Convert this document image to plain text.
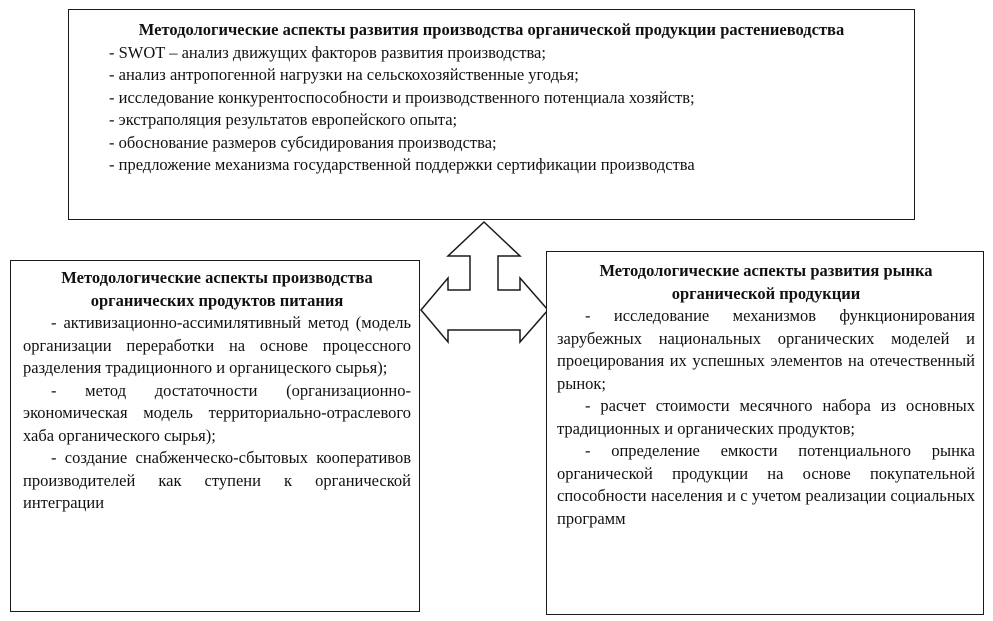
Методологические аспекты развития производства органической продукции растениеводства
- SWOT – анализ движущих факторов развития производства;
- анализ антропогенной нагрузки на сельскохозяйственные угодья;
- исследование конкурентоспособности и производственного потенциала хозяйств;
- экстраполяция результатов европейского опыта;
- обоснование размеров субсидирования производства;
- предложение механизма государственной поддержки сертификации производства
Методологические аспекты производства органических продуктов питания
- активизационно-ассимилятивный метод (модель организации переработки на основе процессного разделения традиционного и органицеского сырья);
- метод достаточности (организационно-экономическая модель территориально-отраслевого хаба органического сырья);
- создание снабженческо-сбытовых кооперативов производителей как ступени к органической интеграции
Методологические аспекты развития рынка органической продукции
- исследование механизмов функционирования зарубежных национальных органических моделей и проецирования их успешных элементов на отечественный рынок;
- расчет стоимости месячного набора из основных традиционных и органических продуктов;
- определение емкости потенциального рынка органической продукции на основе покупательной способности населения и с учетом реализации социальных программ
